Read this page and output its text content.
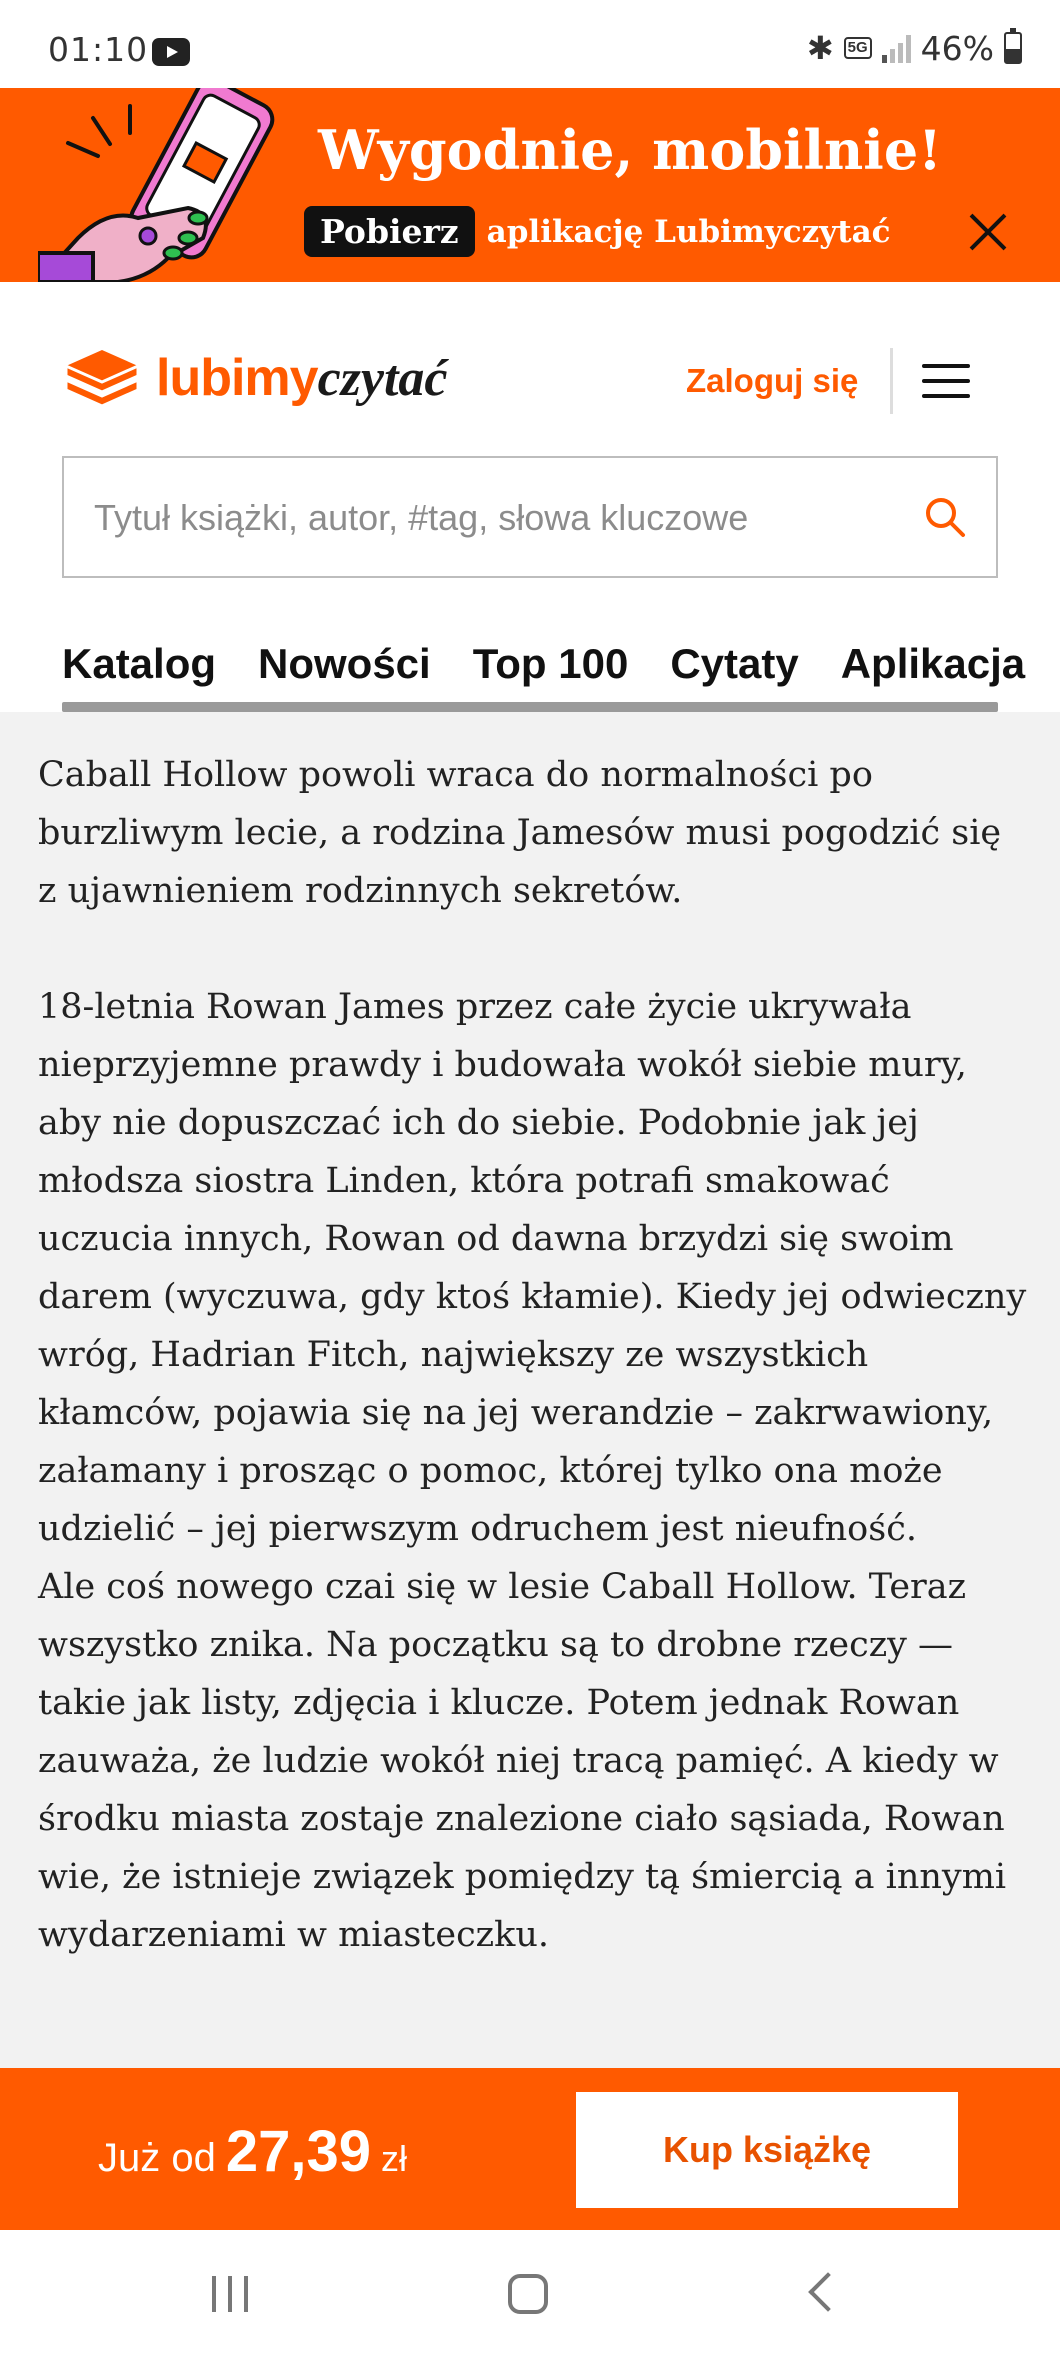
01:10	✱ 5G 46%
Wygodnie, mobilnie!
Pobierz aplikację Lubimyczytać
lubimyczytać	Zaloguj się
Tytuł książki, autor, #tag, słowa kluczowe
Katalog Nowości Top 100 Cytaty Aplikacja

Caball Hollow powoli wraca do normalności po burzliwym lecie, a rodzina Jamesów musi pogodzić się z ujawnieniem rodzinnych sekretów.

18-letnia Rowan James przez całe życie ukrywała nieprzyjemne prawdy i budowała wokół siebie mury, aby nie dopuszczać ich do siebie. Podobnie jak jej młodsza siostra Linden, która potrafi smakować uczucia innych, Rowan od dawna brzydzi się swoim darem (wyczuwa, gdy ktoś kłamie). Kiedy jej odwieczny wróg, Hadrian Fitch, największy ze wszystkich kłamców, pojawia się na jej werandzie – zakrwawiony, załamany i prosząc o pomoc, której tylko ona może udzielić – jej pierwszym odruchem jest nieufność.

Ale coś nowego czai się w lesie Caball Hollow. Teraz wszystko znika. Na początku są to drobne rzeczy — takie jak listy, zdjęcia i klucze. Potem jednak Rowan zauważa, że ludzie wokół niej tracą pamięć. A kiedy w środku miasta zostaje znalezione ciało sąsiada, Rowan wie, że istnieje związek pomiędzy tą śmiercią a innymi wydarzeniami w miasteczku.

Już od 27,39 zł	Kup książkę
